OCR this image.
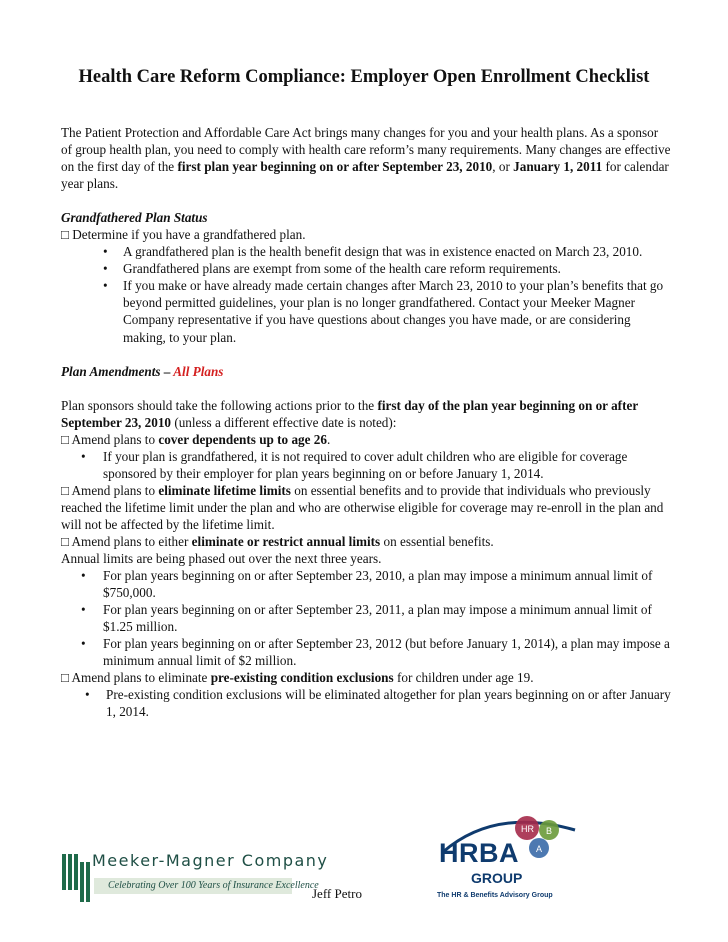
Health Care Reform Compliance: Employer Open Enrollment Checklist

The Patient Protection and Affordable Care Act brings many changes for you and your health plans. As a sponsor of group health plan, you need to comply with health care reform’s many requirements. Many changes are effective on the first day of the first plan year beginning on or after September 23, 2010, or January 1, 2011 for calendar year plans.

Grandfathered Plan Status

□ Determine if you have a grandfathered plan.

• A grandfathered plan is the health benefit design that was in existence enacted on March 23, 2010.
• Grandfathered plans are exempt from some of the health care reform requirements.
• If you make or have already made certain changes after March 23, 2010 to your plan’s benefits that go beyond permitted guidelines, your plan is no longer grandfathered. Contact your Meeker Magner Company representative if you have questions about changes you have made, or are considering making, to your plan.

Plan Amendments – All Plans

Plan sponsors should take the following actions prior to the first day of the plan year beginning on or after September 23, 2010 (unless a different effective date is noted):

□ Amend plans to cover dependents up to age 26.

• If your plan is grandfathered, it is not required to cover adult children who are eligible for coverage sponsored by their employer for plan years beginning on or before January 1, 2014.

□ Amend plans to eliminate lifetime limits on essential benefits and to provide that individuals who previously reached the lifetime limit under the plan and who are otherwise eligible for coverage may re-enroll in the plan and will not be affected by the lifetime limit.

□ Amend plans to either eliminate or restrict annual limits on essential benefits.

Annual limits are being phased out over the next three years.

• For plan years beginning on or after September 23, 2010, a plan may impose a minimum annual limit of $750,000.
• For plan years beginning on or after September 23, 2011, a plan may impose a minimum annual limit of $1.25 million.
• For plan years beginning on or after September 23, 2012 (but before January 1, 2014), a plan may impose a minimum annual limit of $2 million.

□ Amend plans to eliminate pre-existing condition exclusions for children under age 19.

• Pre-existing condition exclusions will be eliminated altogether for plan years beginning on or after January 1, 2014.
Meeker-Magner Company
Celebrating Over 100 Years of Insurance Excellence
Jeff Petro
HR B
A
HRBA
GROUP
The HR & Benefits Advisory Group
